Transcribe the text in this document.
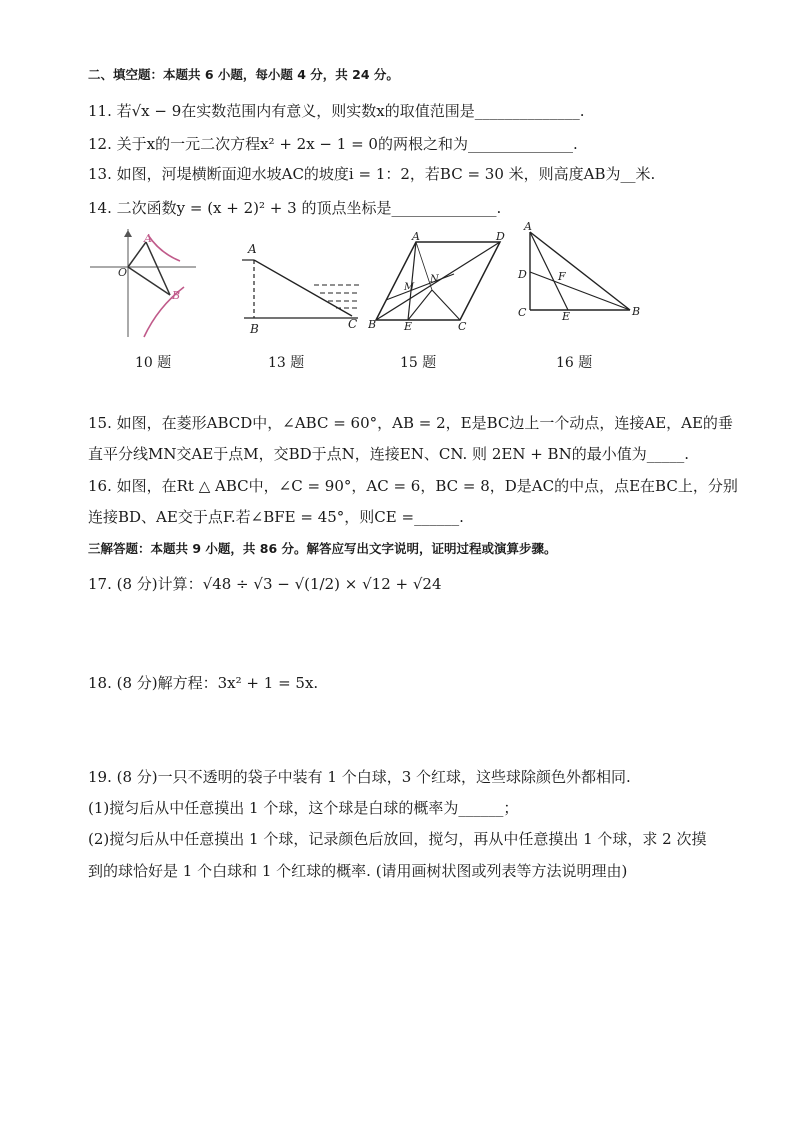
二、填空题：本题共 6 小题，每小题 4 分，共 24 分。
11. 若√x − 9在实数范围内有意义，则实数x的取值范围是______________.
12. 关于x的一元二次方程x² + 2x − 1 = 0的两根之和为______________.
13. 如图，河堤横断面迎水坡AC的坡度i = 1：2，若BC = 30 米，则高度AB为__米.
14. 二次函数y = (x + 2)² + 3 的顶点坐标是______________.
A
O
B
A
B	C
A	D
M
N
B	E	C
A
D	F
C	E	B
10 题	13 题	15 题	16 题
15. 如图，在菱形ABCD中，∠ABC = 60°，AB = 2，E是BC边上一个动点，连接AE，AE的垂
直平分线MN交AE于点M，交BD于点N，连接EN、CN. 则 2EN + BN的最小值为_____.
16. 如图，在Rt △ ABC中，∠C = 90°，AC = 6，BC = 8，D是AC的中点，点E在BC上，分别
连接BD、AE交于点F.若∠BFE = 45°，则CE =______.
三解答题：本题共 9 小题，共 86 分。解答应写出文字说明，证明过程或演算步骤。
17. (8 分)计算：√48 ÷ √3 − √(1/2) × √12 + √24
18. (8 分)解方程：3x² + 1 = 5x.
19. (8 分)一只不透明的袋子中装有 1 个白球，3 个红球，这些球除颜色外都相同.
(1)搅匀后从中任意摸出 1 个球，这个球是白球的概率为______；
(2)搅匀后从中任意摸出 1 个球，记录颜色后放回，搅匀，再从中任意摸出 1 个球，求 2 次摸
到的球恰好是 1 个白球和 1 个红球的概率. (请用画树状图或列表等方法说明理由)
